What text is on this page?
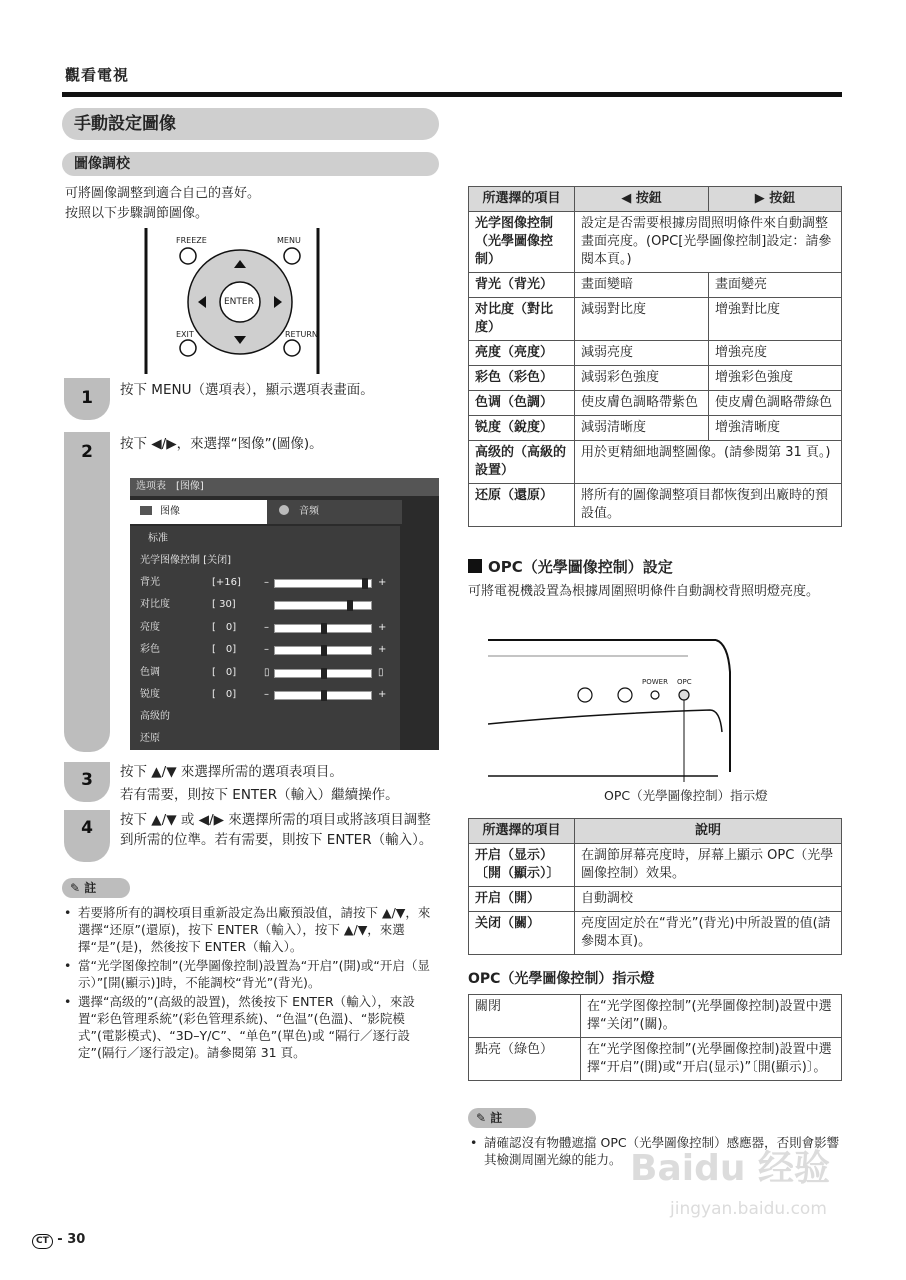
觀看電視
手動設定圖像
圖像調校
可將圖像調整到適合自己的喜好。
按照以下步驟調節圖像。
FREEZE	MENU
ENTER
EXIT	RETURN
1	按下 MENU（選項表），顯示選項表畫面。
2	按下 ◀/▶，來選擇“图像”(圖像)。
选项表　[图像]
图像	音频
标准
光学图像控制 [关闭]
背光	[+16] –	+
对比度	[ 30]
亮度	[　0]	–	+
彩色	[　0]	–	+
色调	[　0]	▯	▯
锐度	[　0]	–	+
高级的
还原
3	按下 ▲/▼ 來選擇所需的選項表項目。
若有需要，則按下 ENTER（輸入）繼續操作。
4	按下 ▲/▼ 或 ◀/▶ 來選擇所需的項目或將該項目調整到所需的位準。若有需要，則按下 ENTER（輸入）。
✎ 註
• 若要將所有的調校項目重新設定為出廠預設值，請按下 ▲/▼，來選擇“还原”(還原)，按下 ENTER（輸入），按下 ▲/▼，來選擇“是”(是)，然後按下 ENTER（輸入）。
• 當“光学图像控制”(光學圖像控制)設置為“开启”(開)或“开启（显示）”[開(顯示)]時，不能調校“背光”(背光)。
• 選擇“高级的”(高級的設置)，然後按下 ENTER（輸入），來設置“彩色管理系統”(彩色管理系統)、“色温”(色溫)、“影院模式”(電影模式)、“3D–Y/C”、“单色”(單色)或 “隔行／逐行設定”(隔行／逐行設定)。請參閱第 31 頁。
所選擇的項目	◀ 按鈕	▶ 按鈕
光学图像控制（光學圖像控制）	設定是否需要根據房間照明條件來自動調整畫面亮度。(OPC[光學圖像控制]設定：請參閱本頁。)	
背光（背光）	畫面變暗	畫面變亮
对比度（對比度）	減弱對比度	增強對比度
亮度（亮度）	減弱亮度	增強亮度
彩色（彩色）	減弱彩色強度	增強彩色強度
色调（色調）	使皮膚色調略帶紫色	使皮膚色調略帶綠色
锐度（銳度）	減弱清晰度	增強清晰度
高级的（高級的設置）	用於更精細地調整圖像。(請參閱第 31 頁。)	
还原（還原）	將所有的圖像調整項目都恢復到出廠時的預設值。	
OPC（光學圖像控制）設定
可將電視機設置為根據周圍照明條件自動調校背照明燈亮度。
POWER OPC
OPC（光學圖像控制）指示燈
所選擇的項目	說明
开启（显示）〔開（顯示）〕	在調節屏幕亮度時，屏幕上顯示 OPC（光學圖像控制）效果。
开启（開）	自動調校
关闭（關）	亮度固定於在“背光”(背光)中所設置的值(請參閱本頁)。
OPC（光學圖像控制）指示燈
關閉	在“光学图像控制”(光學圖像控制)設置中選擇“关闭”(關)。
點亮（綠色）	在“光学图像控制”(光學圖像控制)設置中選擇“开启”(開)或“开启(显示)”〔開(顯示)〕。
✎ 註
• 請確認沒有物體遮擋 OPC（光學圖像控制）感應器，否則會影響其檢測周圍光線的能力。 Baidu 经验
jingyan.baidu.com
CT - 30
